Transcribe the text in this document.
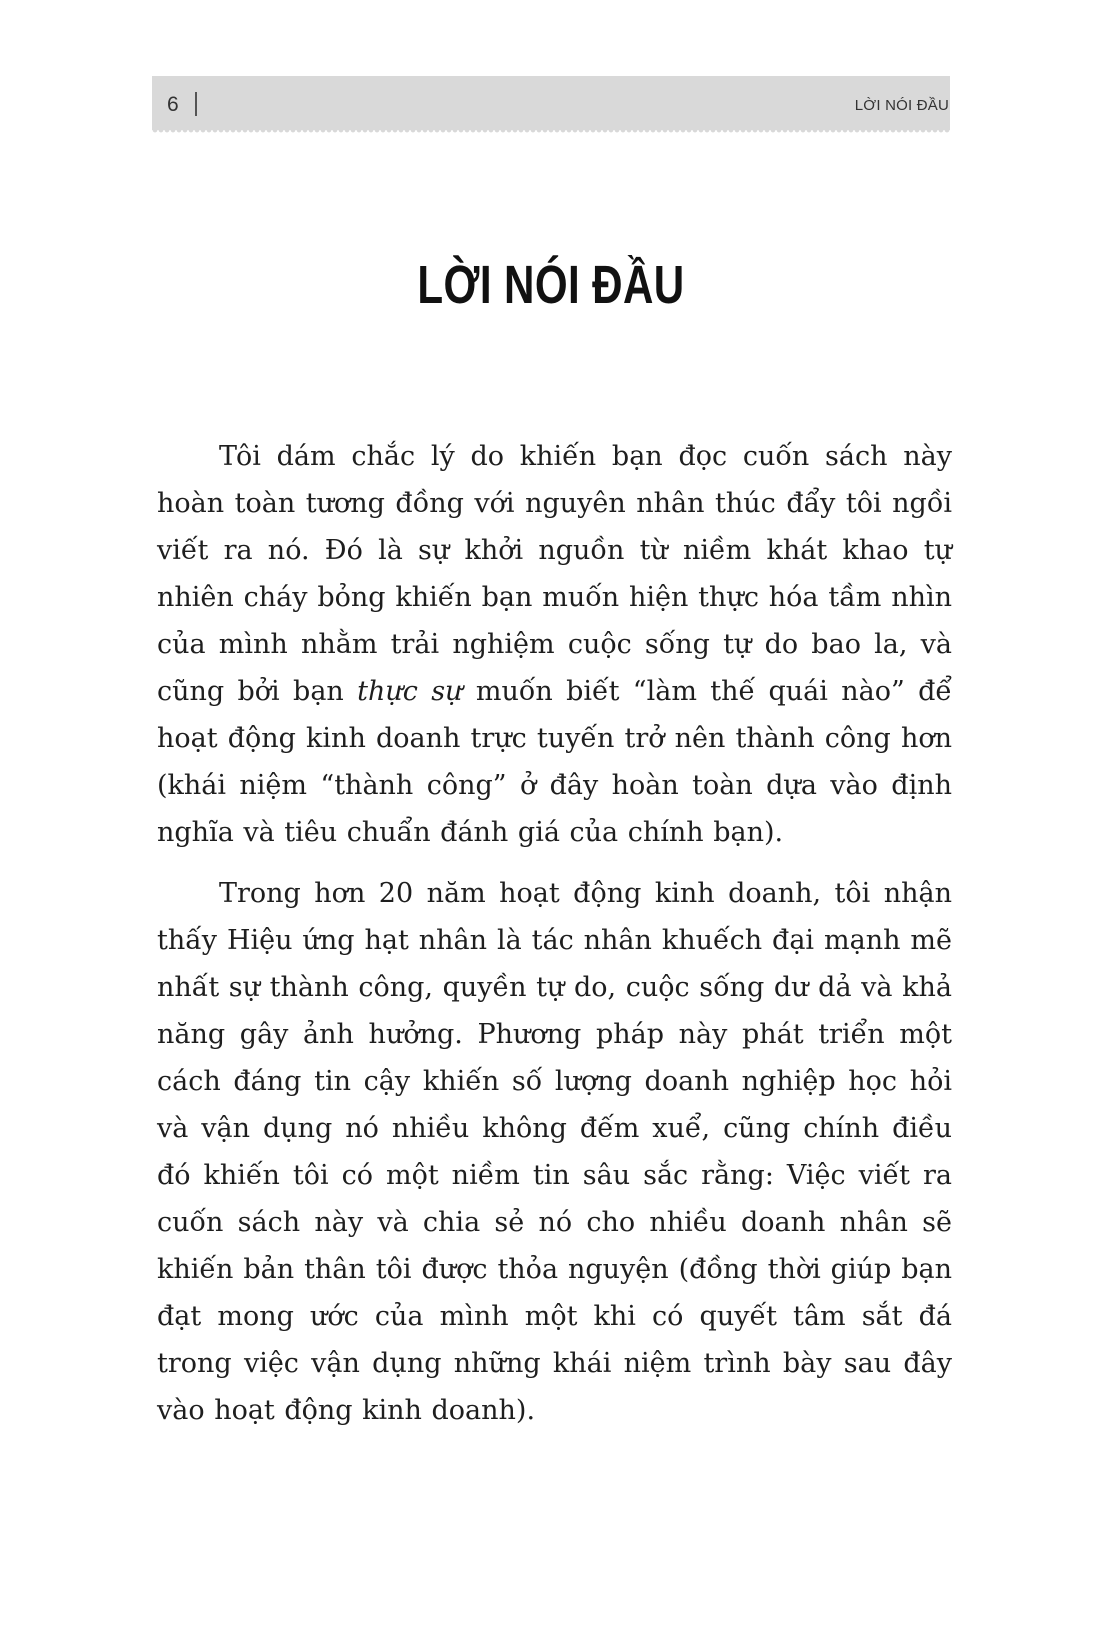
6	LỜI NÓI ĐẦU
LỜI NÓI ĐẦU

Tôi dám chắc lý do khiến bạn đọc cuốn sách này hoàn toàn tương đồng với nguyên nhân thúc đẩy tôi ngồi viết ra nó. Đó là sự khởi nguồn từ niềm khát khao tự nhiên cháy bỏng khiến bạn muốn hiện thực hóa tầm nhìn của mình nhằm trải nghiệm cuộc sống tự do bao la, và cũng bởi bạn thực sự muốn biết “làm thế quái nào” để hoạt động kinh doanh trực tuyến trở nên thành công hơn (khái niệm “thành công” ở đây hoàn toàn dựa vào định nghĩa và tiêu chuẩn đánh giá của chính bạn).

Trong hơn 20 năm hoạt động kinh doanh, tôi nhận thấy Hiệu ứng hạt nhân là tác nhân khuếch đại mạnh mẽ nhất sự thành công, quyền tự do, cuộc sống dư dả và khả năng gây ảnh hưởng. Phương pháp này phát triển một cách đáng tin cậy khiến số lượng doanh nghiệp học hỏi và vận dụng nó nhiều không đếm xuể, cũng chính điều đó khiến tôi có một niềm tin sâu sắc rằng: Việc viết ra cuốn sách này và chia sẻ nó cho nhiều doanh nhân sẽ khiến bản thân tôi được thỏa nguyện (đồng thời giúp bạn đạt mong ước của mình một khi có quyết tâm sắt đá trong việc vận dụng những khái niệm trình bày sau đây vào hoạt động kinh doanh).
